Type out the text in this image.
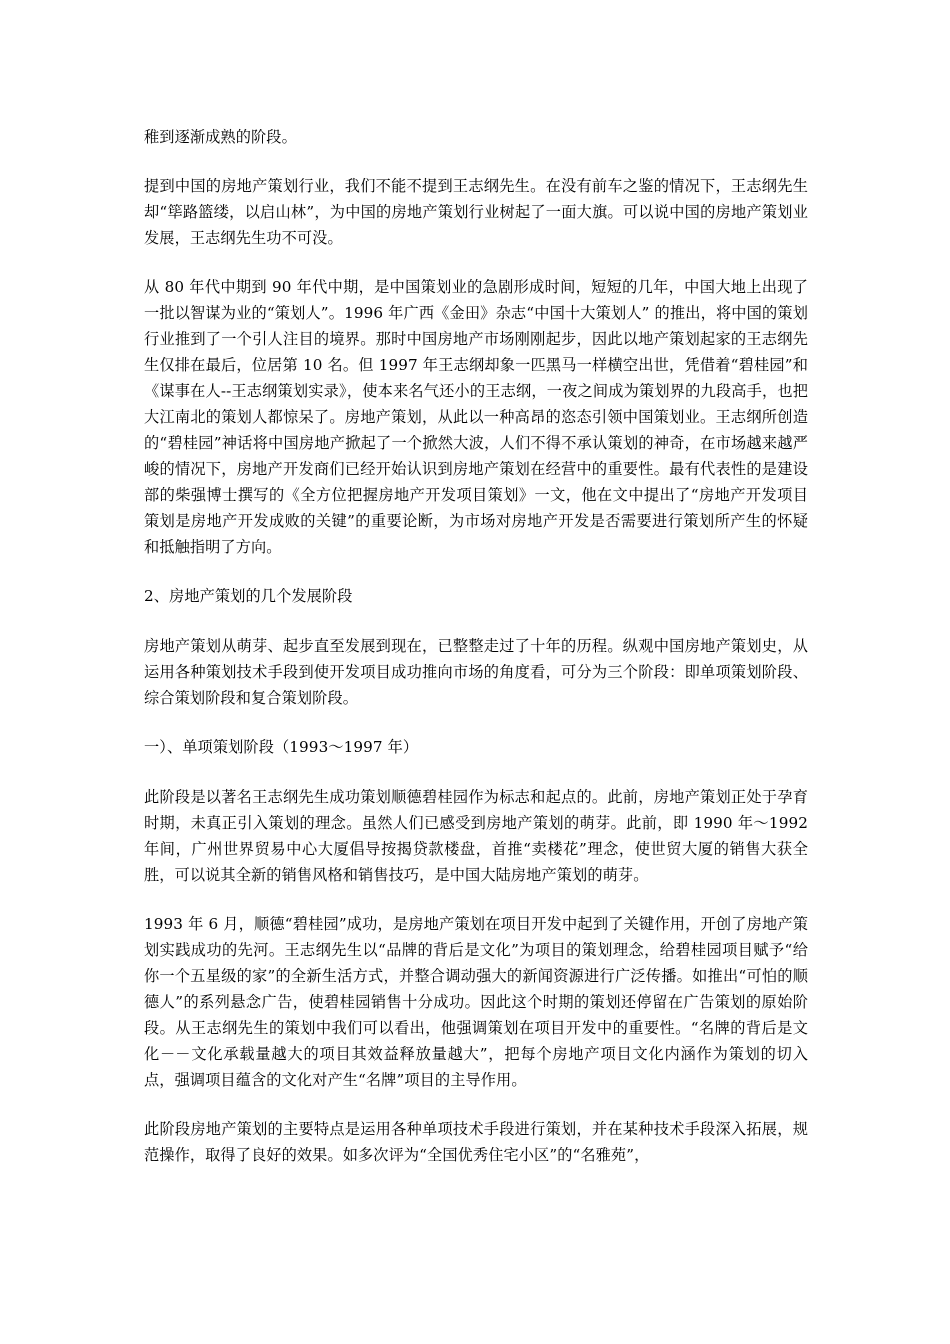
稚到逐渐成熟的阶段。

提到中国的房地产策划行业，我们不能不提到王志纲先生。在没有前车之鉴的情况下，王志纲先生却“筚路篮缕，以启山林”，为中国的房地产策划行业树起了一面大旗。可以说中国的房地产策划业发展，王志纲先生功不可没。

从 80 年代中期到 90 年代中期，是中国策划业的急剧形成时间，短短的几年，中国大地上出现了一批以智谋为业的“策划人”。1996 年广西《金田》杂志“中国十大策划人” 的推出，将中国的策划行业推到了一个引人注目的境界。那时中国房地产市场刚刚起步，因此以地产策划起家的王志纲先生仅排在最后，位居第 10 名。但 1997 年王志纲却象一匹黑马一样横空出世，凭借着“碧桂园”和《谋事在人--王志纲策划实录》，使本来名气还小的王志纲，一夜之间成为策划界的九段高手，也把大江南北的策划人都惊呆了。房地产策划，从此以一种高昂的恣态引领中国策划业。王志纲所创造的“碧桂园”神话将中国房地产掀起了一个掀然大波，人们不得不承认策划的神奇，在市场越来越严峻的情况下，房地产开发商们已经开始认识到房地产策划在经营中的重要性。最有代表性的是建设部的柴强博士撰写的《全方位把握房地产开发项目策划》一文，他在文中提出了“房地产开发项目策划是房地产开发成败的关键”的重要论断，为市场对房地产开发是否需要进行策划所产生的怀疑和抵触指明了方向。

2、房地产策划的几个发展阶段

房地产策划从萌芽、起步直至发展到现在，已整整走过了十年的历程。纵观中国房地产策划史，从运用各种策划技术手段到使开发项目成功推向市场的角度看，可分为三个阶段：即单项策划阶段、综合策划阶段和复合策划阶段。

一）、单项策划阶段（1993～1997 年）

此阶段是以著名王志纲先生成功策划顺德碧桂园作为标志和起点的。此前，房地产策划正处于孕育时期，未真正引入策划的理念。虽然人们已感受到房地产策划的萌芽。此前，即 1990 年～1992 年间，广州世界贸易中心大厦倡导按揭贷款楼盘，首推“卖楼花”理念，使世贸大厦的销售大获全胜，可以说其全新的销售风格和销售技巧，是中国大陆房地产策划的萌芽。

1993 年 6 月，顺德“碧桂园”成功，是房地产策划在项目开发中起到了关键作用，开创了房地产策划实践成功的先河。王志纲先生以“品牌的背后是文化”为项目的策划理念，给碧桂园项目赋予“给你一个五星级的家”的全新生活方式，并整合调动强大的新闻资源进行广泛传播。如推出“可怕的顺德人”的系列悬念广告，使碧桂园销售十分成功。因此这个时期的策划还停留在广告策划的原始阶段。从王志纲先生的策划中我们可以看出，他强调策划在项目开发中的重要性。“名牌的背后是文化－－文化承载量越大的项目其效益释放量越大”，把每个房地产项目文化内涵作为策划的切入点，强调项目蕴含的文化对产生“名牌”项目的主导作用。

此阶段房地产策划的主要特点是运用各种单项技术手段进行策划，并在某种技术手段深入拓展，规范操作，取得了良好的效果。如多次评为“全国优秀住宅小区”的“名雅苑”，
